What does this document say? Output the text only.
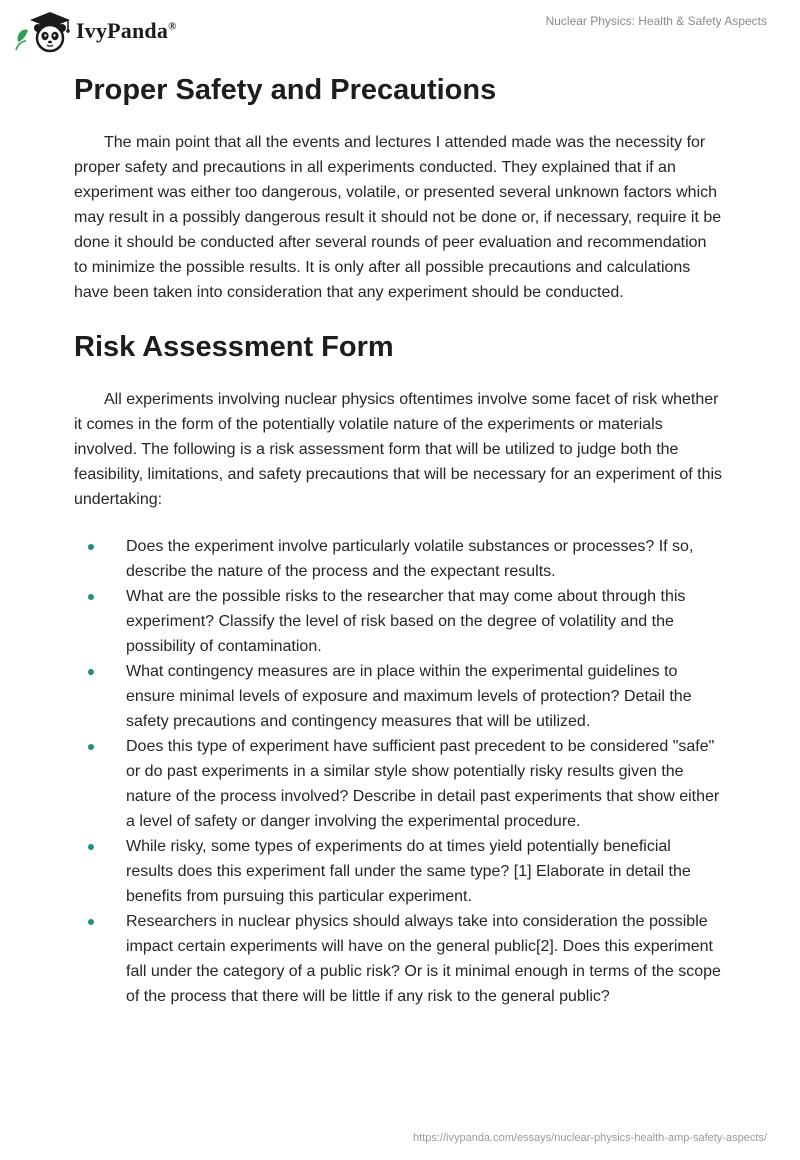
IvyPanda®	Nuclear Physics: Health & Safety Aspects
Proper Safety and Precautions

The main point that all the events and lectures I attended made was the necessity for proper safety and precautions in all experiments conducted. They explained that if an experiment was either too dangerous, volatile, or presented several unknown factors which may result in a possibly dangerous result it should not be done or, if necessary, require it be done it should be conducted after several rounds of peer evaluation and recommendation to minimize the possible results. It is only after all possible precautions and calculations have been taken into consideration that any experiment should be conducted.

Risk Assessment Form

All experiments involving nuclear physics oftentimes involve some facet of risk whether it comes in the form of the potentially volatile nature of the experiments or materials involved. The following is a risk assessment form that will be utilized to judge both the feasibility, limitations, and safety precautions that will be necessary for an experiment of this undertaking:

Does the experiment involve particularly volatile substances or processes? If so, describe the nature of the process and the expectant results.
What are the possible risks to the researcher that may come about through this experiment? Classify the level of risk based on the degree of volatility and the possibility of contamination.
What contingency measures are in place within the experimental guidelines to ensure minimal levels of exposure and maximum levels of protection? Detail the safety precautions and contingency measures that will be utilized.
Does this type of experiment have sufficient past precedent to be considered "safe" or do past experiments in a similar style show potentially risky results given the nature of the process involved? Describe in detail past experiments that show either a level of safety or danger involving the experimental procedure.
While risky, some types of experiments do at times yield potentially beneficial results does this experiment fall under the same type? [1] Elaborate in detail the benefits from pursuing this particular experiment.
Researchers in nuclear physics should always take into consideration the possible impact certain experiments will have on the general public[2]. Does this experiment fall under the category of a public risk? Or is it minimal enough in terms of the scope of the process that there will be little if any risk to the general public?
https://ivypanda.com/essays/nuclear-physics-health-amp-safety-aspects/
